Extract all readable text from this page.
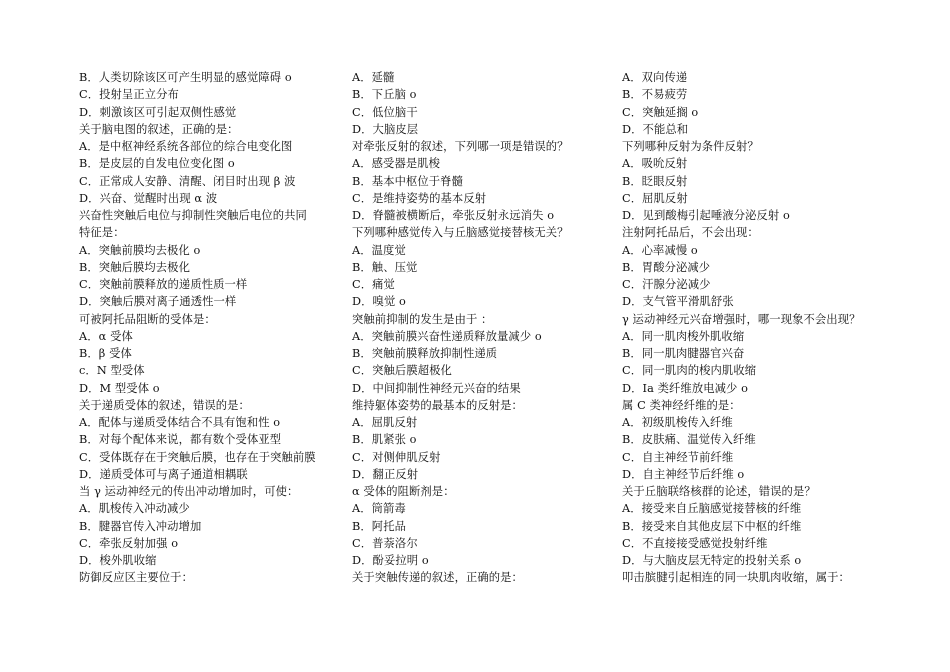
B．人类切除该区可产生明显的感觉障碍 o
C．投射呈正立分布
D．刺激该区可引起双侧性感觉
关于脑电图的叙述，正确的是：
A．是中枢神经系统各部位的综合电变化图
B．是皮层的自发电位变化图 o
C．正常成人安静、清醒、闭目时出现 β 波
D．兴奋、觉醒时出现 α 波
兴奋性突触后电位与抑制性突触后电位的共同
特征是：
A．突触前膜均去极化 o
B．突触后膜均去极化
C．突触前膜释放的递质性质一样
D．突触后膜对离子通透性一样
可被阿托品阻断的受体是：
A．α 受体
B．β 受体
c．N 型受体
D．M 型受体 o
关于递质受体的叙述，错误的是：
A．配体与递质受体结合不具有饱和性 o
B．对每个配体来说，都有数个受体亚型
C．受体既存在于突触后膜，也存在于突触前膜
D．递质受体可与离子通道相耦联
当 γ 运动神经元的传出冲动增加时，可使：
A．肌梭传入冲动减少
B．腱器官传入冲动增加
C．牵张反射加强 o
D．梭外肌收缩
防御反应区主要位于：
A．延髓
B．下丘脑 o
C．低位脑干
D．大脑皮层
对牵张反射的叙述，下列哪一项是错误的？
A．感受器是肌梭
B．基本中枢位于脊髓
C．是维持姿势的基本反射
D．脊髓被横断后，牵张反射永远消失 o
下列哪种感觉传入与丘脑感觉接替核无关？
A．温度觉
B．触、压觉
C．痛觉
D．嗅觉 o
突触前抑制的发生是由于 ：
A．突触前膜兴奋性递质释放量减少 o
B．突触前膜释放抑制性递质
C．突触后膜超极化
D．中间抑制性神经元兴奋的结果
维持躯体姿势的最基本的反射是：
A．屈肌反射
B．肌紧张 o
C．对侧伸肌反射
D．翻正反射
α 受体的阻断剂是：
A．筒箭毒
B．阿托品
C．普萘洛尔
D．酚妥拉明 o
关于突触传递的叙述，正确的是：
A．双向传递
B．不易疲劳
C．突触延搁 o
D．不能总和
下列哪种反射为条件反射？
A．吸吮反射
B．眨眼反射
C．屈肌反射
D．见到酸梅引起唾液分泌反射 o
注射阿托品后，不会出现：
A．心率减慢 o
B．胃酸分泌减少
C．汗腺分泌减少
D．支气管平滑肌舒张
γ 运动神经元兴奋增强时，哪一现象不会出现？
A．同一肌肉梭外肌收缩
B．同一肌肉腱器官兴奋
C．同一肌肉的梭内肌收缩
D．Ia 类纤维放电减少 o
属 C 类神经纤维的是：
A．初级肌梭传入纤维
B．皮肤痛、温觉传入纤维
C．自主神经节前纤维
D．自主神经节后纤维 o
关于丘脑联络核群的论述，错误的是？
A．接受来自丘脑感觉接替核的纤维
B．接受来自其他皮层下中枢的纤维
C．不直接接受感觉投射纤维
D．与大脑皮层无特定的投射关系 o
叩击膑腱引起相连的同一块肌肉收缩，属于：
